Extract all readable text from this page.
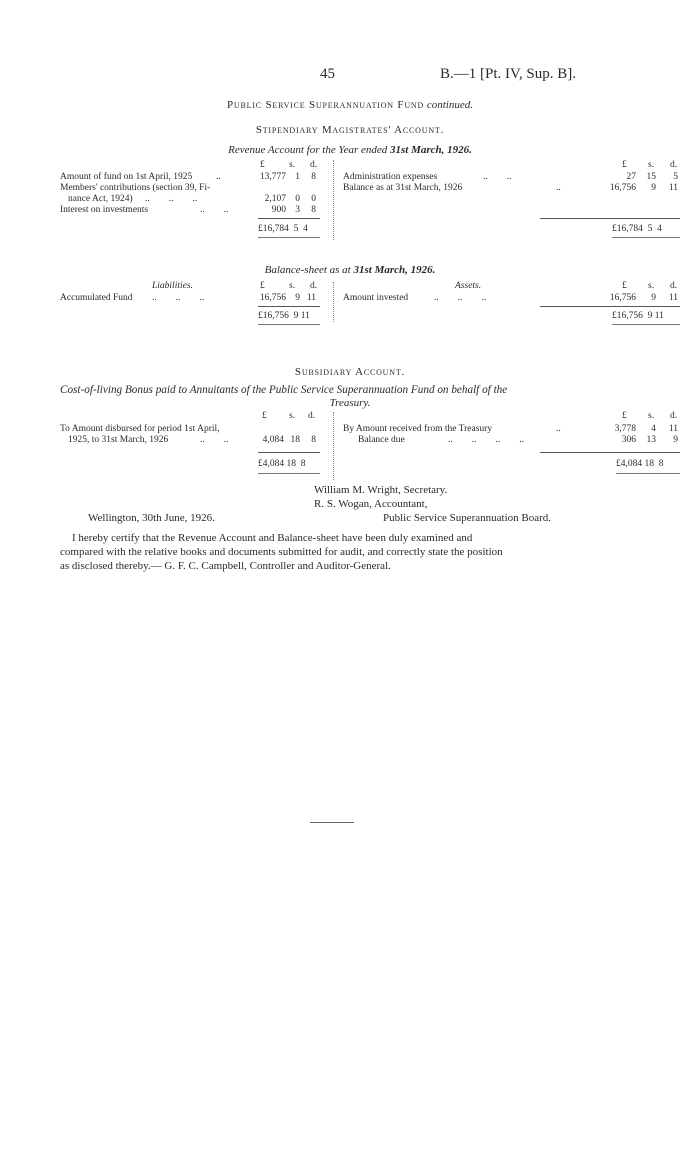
45	B.—1 [Pt. IV, Sup. B].
Public Service Superannuation Fund continued.
Stipendiary Magistrates' Account.
Revenue Account for the Year ended 31st March, 1926.
£	s. d.	£ s. d.
Amount of fund on 1st April, 1925	..	13,777 1	8
Members' contributions (section 39, Fi-
nance Act, 1924) ..        ..        ..	2,107 0	0
Interest on investments	..        ..	900 3	8
Administration expenses	..        ..	27	15	5
Balance as at 31st March, 1926	..	16,756	9	11
£16,784  5  4	£16,784  5  4
Balance-sheet as at 31st March, 1926.
Liabilities.	Assets.
£	s. d.	£ s. d.
Accumulated Fund ..        ..        ..	16,756 9 11	Amount invested	..        ..        ..	16,756	9	11
£16,756  9 11	£16,756  9 11
Subsidiary Account.
Cost-of-living Bonus paid to Annuitants of the Public Service Superannuation Fund on behalf of the
Treasury.
£ s. d.	£ s. d.
To Amount disbursed for period 1st April,
1925, to 31st March, 1926	..        ..	4,084 18	8
By Amount received from the Treasury	..	3,778	4	11
Balance due	..        ..        ..        ..	306	13	9
£4,084 18  8	£4,084 18  8
William M. Wright, Secretary.
R. S. Wogan, Accountant,
Wellington, 30th June, 1926.	Public Service Superannuation Board.
I hereby certify that the Revenue Account and Balance-sheet have been duly examined and
compared with the relative books and documents submitted for audit, and correctly state the position
as disclosed thereby.— G. F. C. Campbell, Controller and Auditor-General.
